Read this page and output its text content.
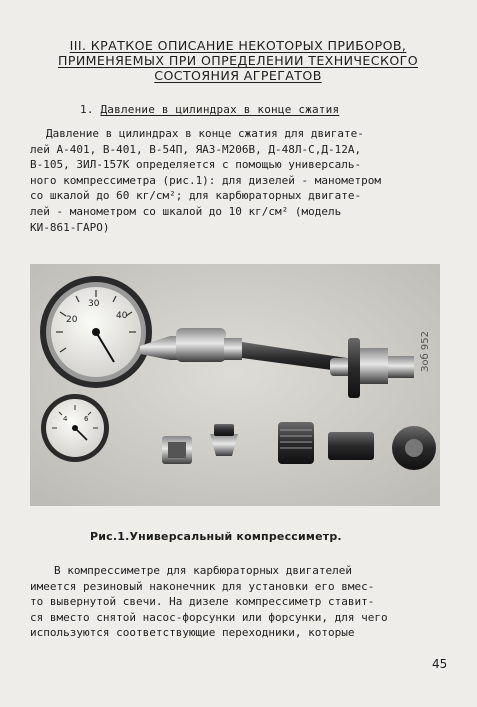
III. КРАТКОЕ ОПИСАНИЕ НЕКОТОРЫХ ПРИБОРОВ,
ПРИМЕНЯЕМЫХ ПРИ ОПРЕДЕЛЕНИИ ТЕХНИЧЕСКОГО
СОСТОЯНИЯ АГРЕГАТОВ
1. Давление в цилиндрах в конце сжатия
Давление в цилиндрах в конце сжатия для двигате-
лей А-401, В-401, В-54П, ЯАЗ-М206В, Д-48Л-С,Д-12А,
В-105, ЗИЛ-157К определяется с помощью универсаль-
ного компрессиметра (рис.1): для дизелей - манометром
со шкалой до 60 кг/см²; для карбюраторных двигате-
лей - манометром со шкалой до 10 кг/см² (модель
КИ-861-ГАРО)
20
30
40
4 6
Зоб 952
Рис.1.Универсальный компрессиметр.
В компрессиметре для карбюраторных двигателей
имеется резиновый наконечник для установки его вмес-
то вывернутой свечи. На дизеле компрессиметр ставит-
ся вместо снятой насос-форсунки или форсунки, для чего
используются соответствующие переходники, которые
45
